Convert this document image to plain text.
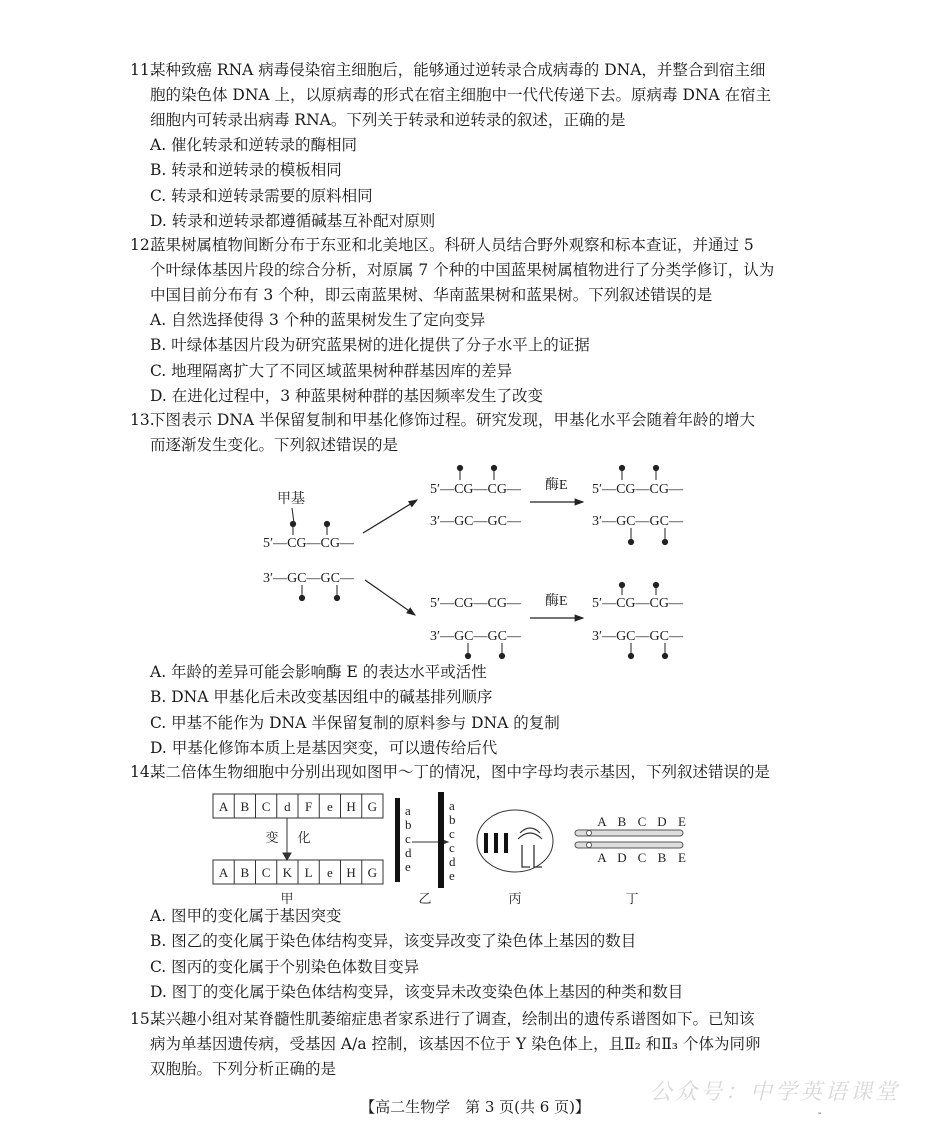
11.
某种致癌 RNA 病毒侵染宿主细胞后，能够通过逆转录合成病毒的 DNA，并整合到宿主细
胞的染色体 DNA 上，以原病毒的形式在宿主细胞中一代代传递下去。原病毒 DNA 在宿主
细胞内可转录出病毒 RNA。下列关于转录和逆转录的叙述，正确的是
A. 催化转录和逆转录的酶相同
B. 转录和逆转录的模板相同
C. 转录和逆转录需要的原料相同
D. 转录和逆转录都遵循碱基互补配对原则
12.
蓝果树属植物间断分布于东亚和北美地区。科研人员结合野外观察和标本查证，并通过 5
个叶绿体基因片段的综合分析，对原属 7 个种的中国蓝果树属植物进行了分类学修订，认为
中国目前分布有 3 个种，即云南蓝果树、华南蓝果树和蓝果树。下列叙述错误的是
A. 自然选择使得 3 个种的蓝果树发生了定向变异
B. 叶绿体基因片段为研究蓝果树的进化提供了分子水平上的证据
C. 地理隔离扩大了不同区域蓝果树种群基因库的差异
D. 在进化过程中，3 种蓝果树种群的基因频率发生了改变
13.
下图表示 DNA 半保留复制和甲基化修饰过程。研究发现，甲基化水平会随着年龄的增大
而逐渐发生变化。下列叙述错误的是
A. 年龄的差异可能会影响酶 E 的表达水平或活性
B. DNA 甲基化后未改变基因组中的碱基排列顺序
C. 甲基不能作为 DNA 半保留复制的原料参与 DNA 的复制
D. 甲基化修饰本质上是基因突变，可以遗传给后代
14.
某二倍体生物细胞中分别出现如图甲～丁的情况，图中字母均表示基因，下列叙述错误的是
A. 图甲的变化属于基因突变
B. 图乙的变化属于染色体结构变异，该变异改变了染色体上基因的数目
C. 图丙的变化属于个别染色体数目变异
D. 图丁的变化属于染色体结构变异，该变异未改变染色体上基因的种类和数目
15.
某兴趣小组对某脊髓性肌萎缩症患者家系进行了调查，绘制出的遗传系谱图如下。已知该
病为单基因遗传病，受基因 A/a 控制，该基因不位于 Y 染色体上，且Ⅱ₂ 和Ⅱ₃ 个体为同卵
双胞胎。下列分析正确的是
甲基
5′—CG—CG—
3′—GC—GC—
5′—CG—CG—
3′—GC—GC—
酶E 5′—CG—CG—
3′—GC—GC—
5′—CG—CG—
3′—GC—GC—
酶E 5′—CG—CG—
3′—GC—GC—
A B C d F e H G
A B C K L e H G
变 化
a
b
c
d
e
a
b
c
c
d
e
A B C D E
A D C B E
甲	乙	丙	丁
公众号：中学英语课堂
【高二生物学　第 3 页(共 6 页)】	-
